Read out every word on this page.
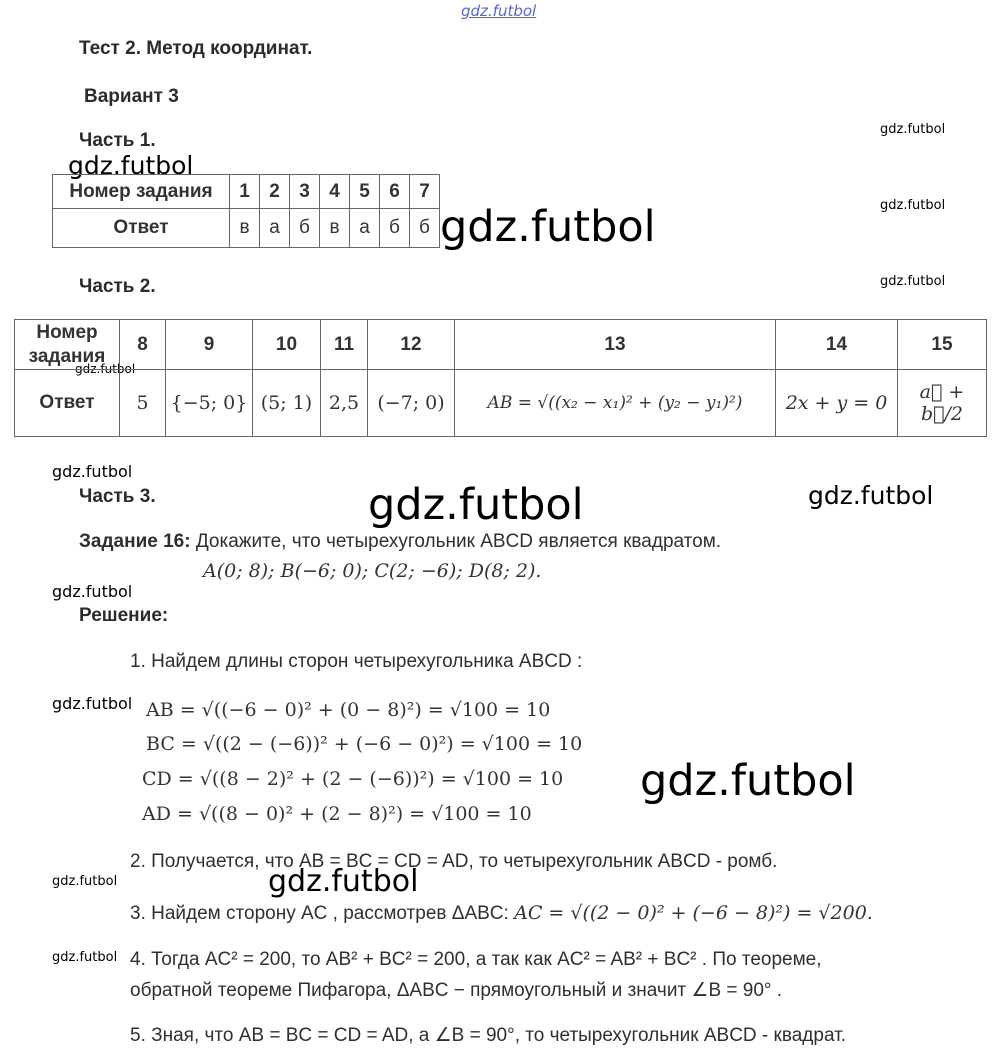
gdz.futbol
gdz.futbol
gdz.futbol
gdz.futbol
gdz.futbol
gdz.futbol
gdz.futbol
gdz.futbol
gdz.futbol	gdz.futbol
gdz.futbol
gdz.futbol
gdz.futbol
gdz.futbol	gdz.futbol
gdz.futbol
Тест 2. Метод координат.
Вариант 3
Часть 1.
Номер задания	1	2	3	4	5	6	7
Ответ	в	а	б	в	а	б	б
Часть 2.
Номер задания	8	9	10	11	12	13	14	15
Ответ	5	{−5; 0}	(5; 1)	2,5	(−7; 0)	AB = √((x₂ − x₁)² + (y₂ − y₁)²)	2x + y = 0	a⃗ + b⃗/2
Часть 3.
Задание 16: Докажите, что четырехугольник ABCD является квадратом.
A(0; 8); B(−6; 0); C(2; −6); D(8; 2).
Решение:
1. Найдем длины сторон четырехугольника ABCD :
AB = √((−6 − 0)² + (0 − 8)²) = √100 = 10
BC = √((2 − (−6))² + (−6 − 0)²) = √100 = 10
CD = √((8 − 2)² + (2 − (−6))²) = √100 = 10
AD = √((8 − 0)² + (2 − 8)²) = √100 = 10
2. Получается, что AB = BC = CD = AD, то четырехугольник ABCD - ромб.
3. Найдем сторону AC , рассмотрев ΔABC: AC = √((2 − 0)² + (−6 − 8)²) = √200.
4. Тогда AC² = 200, то AB² + BC² = 200, а так как AC² = AB² + BC² . По теореме,
обратной теореме Пифагора, ΔABC − прямоугольный и значит ∠B = 90° .
5. Зная, что AB = BC = CD = AD, а ∠B = 90°, то четырехугольник ABCD - квадрат.
